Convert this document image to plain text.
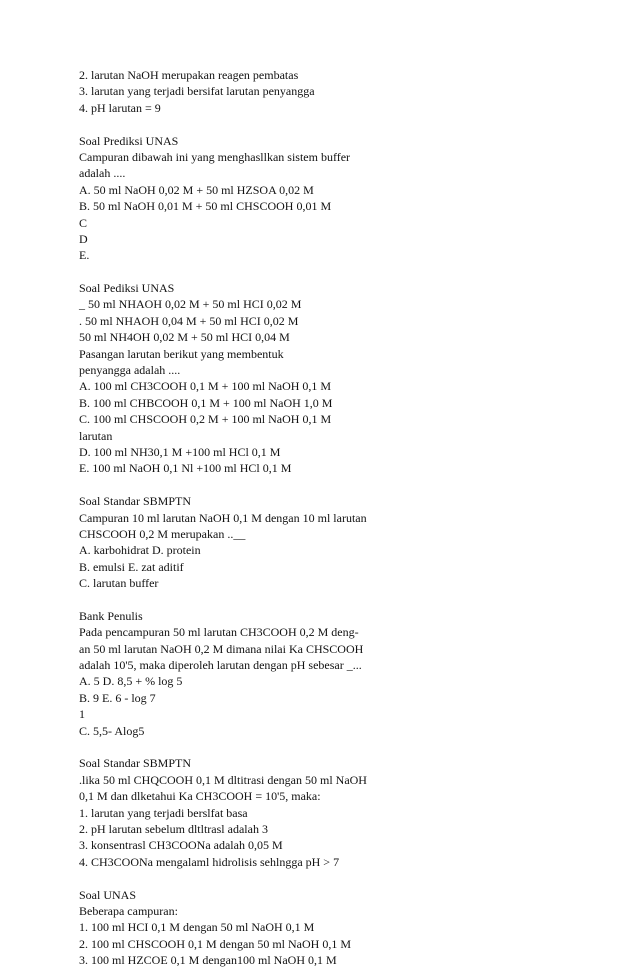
2. larutan NaOH merupakan reagen pembatas
3. larutan yang terjadi bersifat larutan penyangga
4. pH larutan = 9
Soal Prediksi UNAS
Campuran dibawah ini yang menghasllkan sistem buffer
adalah ....
A. 50 ml NaOH 0,02 M + 50 ml HZSOA 0,02 M
B. 50 ml NaOH 0,01 M + 50 ml CHSCOOH 0,01 M
C
D
E.
Soal Pediksi UNAS
_ 50 ml NHAOH 0,02 M + 50 ml HCI 0,02 M
. 50 ml NHAOH 0,04 M + 50 ml HCI 0,02 M
50 ml NH4OH 0,02 M + 50 ml HCI 0,04 M
Pasangan larutan berikut yang membentuk
penyangga adalah ....
A. 100 ml CH3COOH 0,1 M + 100 ml NaOH 0,1 M
B. 100 ml CHBCOOH 0,1 M + 100 ml NaOH 1,0 M
C. 100 ml CHSCOOH 0,2 M + 100 ml NaOH 0,1 M
larutan
D. 100 ml NH30,1 M +100 ml HCl 0,1 M
E. 100 ml NaOH 0,1 Nl +100 ml HCl 0,1 M
Soal Standar SBMPTN
Campuran 10 ml larutan NaOH 0,1 M dengan 10 ml larutan
CHSCOOH 0,2 M merupakan ..__
A. karbohidrat D. protein
B. emulsi E. zat aditif
C. larutan buffer
Bank Penulis
Pada pencampuran 50 ml larutan CH3COOH 0,2 M deng-
an 50 ml larutan NaOH 0,2 M dimana nilai Ka CHSCOOH
adalah 10'5, maka diperoleh larutan dengan pH sebesar _...
A. 5 D. 8,5 + % log 5
B. 9 E. 6 - log 7
1
C. 5,5- Alog5
Soal Standar SBMPTN
.lika 50 ml CHQCOOH 0,1 M dltitrasi dengan 50 ml NaOH
0,1 M dan dlketahui Ka CH3COOH = 10'5, maka:
1. larutan yang terjadi berslfat basa
2. pH larutan sebelum dltltrasl adalah 3
3. konsentrasl CH3COONa adalah 0,05 M
4. CH3COONa mengalaml hidrolisis sehlngga pH > 7
Soal UNAS
Beberapa campuran:
1. 100 ml HCI 0,1 M dengan 50 ml NaOH 0,1 M
2. 100 ml CHSCOOH 0,1 M dengan 50 ml NaOH 0,1 M
3. 100 ml HZCOE 0,1 M dengan100 ml NaOH 0,1 M
